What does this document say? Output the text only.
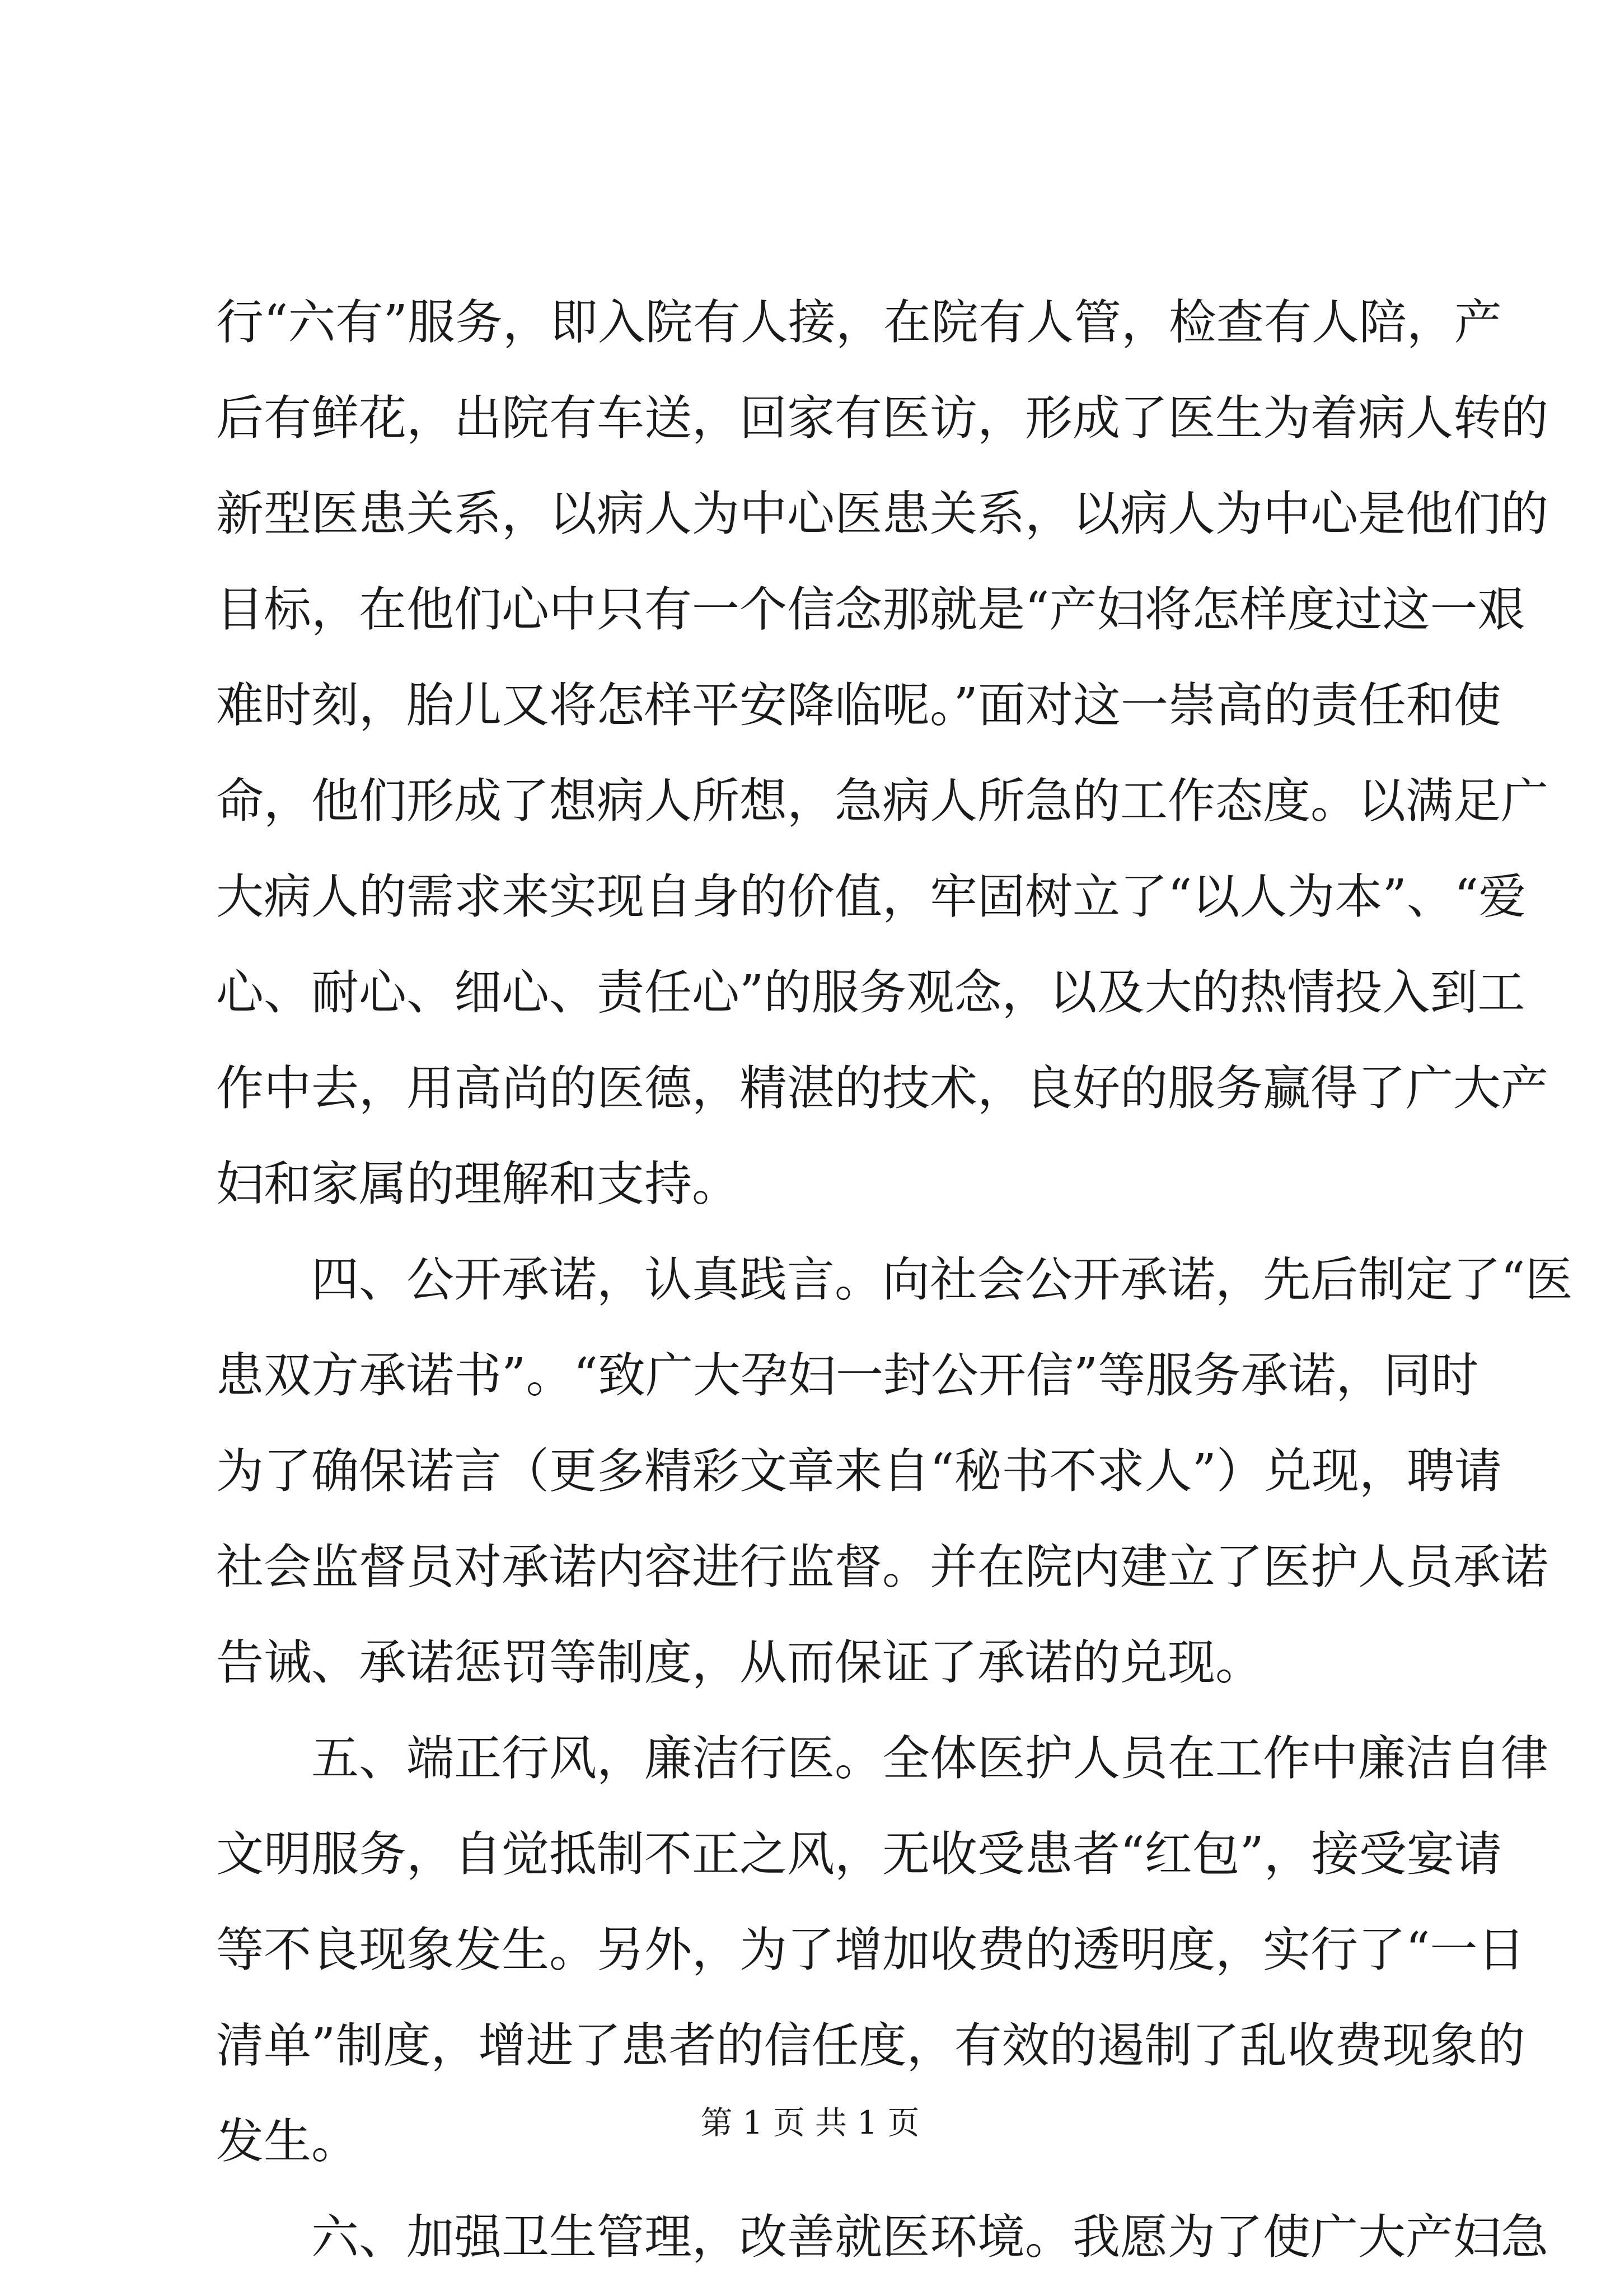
行“六有”服务，即入院有人接，在院有人管，检查有人陪，产
后有鲜花，出院有车送，回家有医访，形成了医生为着病人转的
新型医患关系，以病人为中心医患关系，以病人为中心是他们的
目标，在他们心中只有一个信念那就是“产妇将怎样度过这一艰
难时刻，胎儿又将怎样平安降临呢。”面对这一崇高的责任和使
命，他们形成了想病人所想，急病人所急的工作态度。以满足广
大病人的需求来实现自身的价值，牢固树立了“以人为本”、“爱
心、耐心、细心、责任心”的服务观念，以及大的热情投入到工
作中去，用高尚的医德，精湛的技术，良好的服务赢得了广大产
妇和家属的理解和支持。
四、公开承诺，认真践言。向社会公开承诺，先后制定了“医
患双方承诺书”。“致广大孕妇一封公开信”等服务承诺，同时
为了确保诺言（更多精彩文章来自“秘书不求人”）兑现，聘请
社会监督员对承诺内容进行监督。并在院内建立了医护人员承诺
告诫、承诺惩罚等制度，从而保证了承诺的兑现。
五、端正行风，廉洁行医。全体医护人员在工作中廉洁自律
文明服务，自觉抵制不正之风，无收受患者“红包”，接受宴请
等不良现象发生。另外，为了增加收费的透明度，实行了“一日
清单”制度，增进了患者的信任度，有效的遏制了乱收费现象的
发生。
六、加强卫生管理，改善就医环境。我愿为了使广大产妇急
第 1 页 共 1 页
